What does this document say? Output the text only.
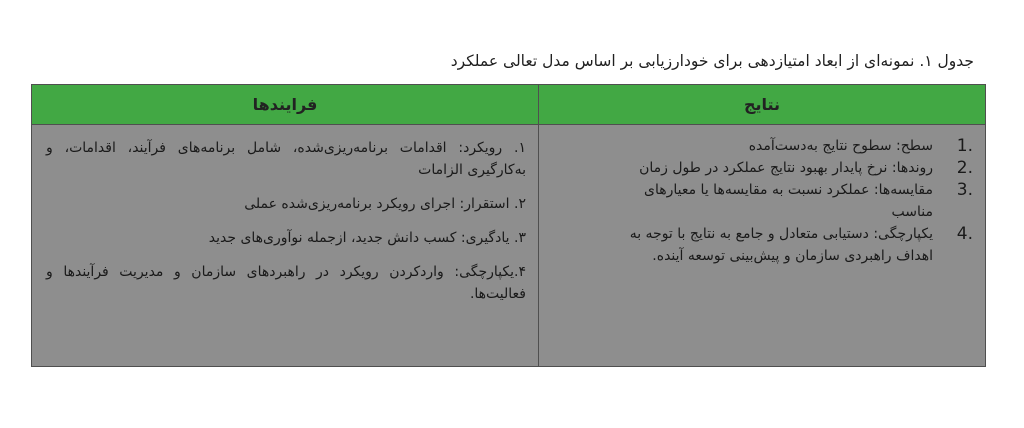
جدول ۱. نمونه‌ای از ابعاد امتیازدهی برای خودارزیابی بر اساس مدل تعالی عملکرد
فرایندها

۱. رویکرد: اقدامات برنامه‌ریزی‌شده، شامل برنامه‌های فرآیند، اقدامات، و به‌کارگیری الزامات

۲. استقرار: اجرای رویکرد برنامه‌ریزی‌شده عملی

۳. یادگیری: کسب دانش جدید، ازجمله نوآوری‌های جدید

۴.یکپارچگی: واردکردن رویکرد در راهبردهای سازمان و مدیریت فرآیندها و فعالیت‌ها.

نتایج
1.
سطح: سطوح نتایج به‌دست‌آمده
2.
روندها: نرخ پایدار بهبود نتایج عملکرد در طول زمان
3.
مقایسه‌ها: عملکرد نسبت به مقایسه‌ها یا معیارهای مناسب
4.
یکپارچگی: دستیابی متعادل و جامع به نتایج با توجه به اهداف راهبردی سازمان و پیش‌بینی توسعه آینده.
